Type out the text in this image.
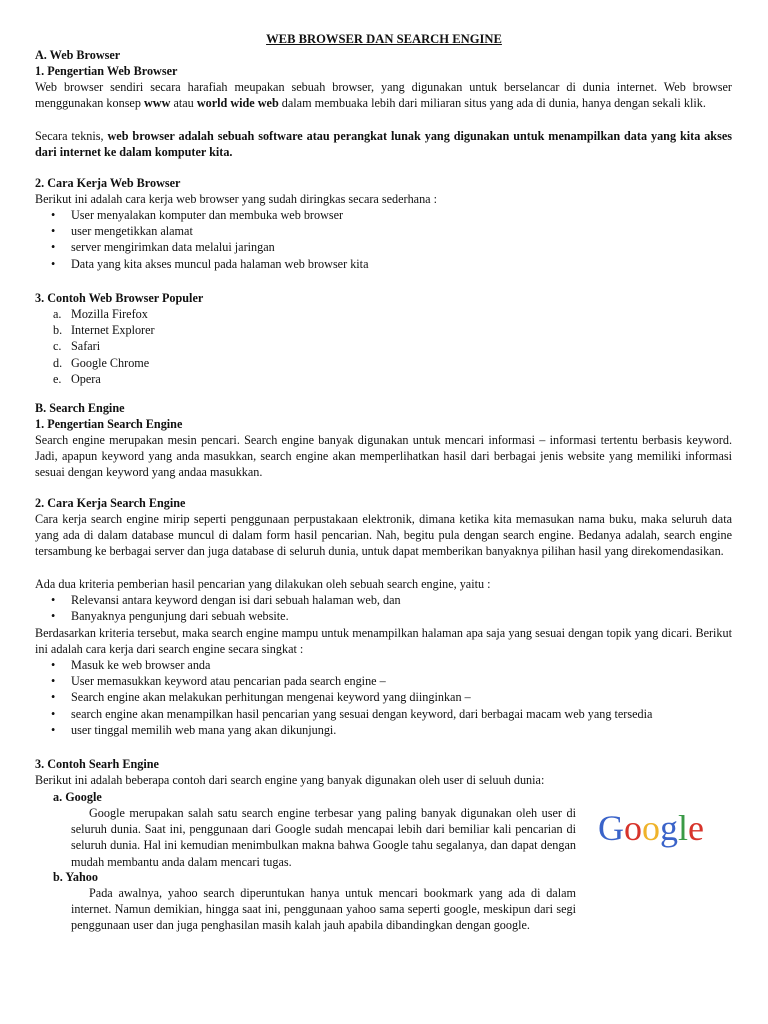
WEB BROWSER DAN SEARCH ENGINE
A. Web Browser
1. Pengertian Web Browser
Web browser sendiri secara harafiah meupakan sebuah browser, yang digunakan untuk berselancar di dunia internet. Web browser menggunakan konsep www atau world wide web dalam membuaka lebih dari miliaran situs yang ada di dunia, hanya dengan sekali klik.
Secara teknis, web browser adalah sebuah software atau perangkat lunak yang digunakan untuk menampilkan data yang kita akses dari internet ke dalam komputer kita.
2. Cara Kerja Web Browser
Berikut ini adalah cara kerja web browser yang sudah diringkas secara sederhana :
• User menyalakan komputer dan membuka web browser
• user mengetikkan alamat
• server mengirimkan data melalui jaringan
• Data yang kita akses muncul pada halaman web browser kita
3. Contoh Web Browser Populer
a. Mozilla Firefox
b. Internet Explorer
c. Safari
d. Google Chrome
e. Opera
B. Search Engine
1. Pengertian Search Engine
Search engine merupakan mesin pencari. Search engine banyak digunakan untuk mencari informasi – informasi tertentu berbasis keyword. Jadi, apapun keyword yang anda masukkan, search engine akan memperlihatkan hasil dari berbagai jenis website yang memiliki informasi sesuai dengan keyword yang andaa masukkan.
2. Cara Kerja Search Engine
Cara kerja search engine mirip seperti penggunaan perpustakaan elektronik, dimana ketika kita memasukan nama buku, maka seluruh data yang ada di dalam database muncul di dalam form hasil pencarian. Nah, begitu pula dengan search engine. Bedanya adalah, search engine tersambung ke berbagai server dan juga database di seluruh dunia, untuk dapat memberikan banyaknya pilihan hasil yang direkomendasikan.
Ada dua kriteria pemberian hasil pencarian yang dilakukan oleh sebuah search engine, yaitu :
• Relevansi antara keyword dengan isi dari sebuah halaman web, dan
• Banyaknya pengunjung dari sebuah website.
Berdasarkan kriteria tersebut, maka search engine mampu untuk menampilkan halaman apa saja yang sesuai dengan topik yang dicari. Berikut ini adalah cara kerja dari search engine secara singkat :
• Masuk ke web browser anda
• User memasukkan keyword atau pencarian pada search engine –
• Search engine akan melakukan perhitungan mengenai keyword yang diinginkan –
• search engine akan menampilkan hasil pencarian yang sesuai dengan keyword, dari berbagai macam web yang tersedia
• user tinggal memilih web mana yang akan dikunjungi.
3. Contoh Searh Engine
Berikut ini adalah beberapa contoh dari search engine yang banyak digunakan oleh user di seluuh dunia:
a. Google
Google merupakan salah satu search engine terbesar yang paling banyak digunakan oleh user di seluruh dunia. Saat ini, penggunaan dari Google sudah mencapai lebih dari bemiliar kali pencarian di seluruh dunia. Hal ini kemudian menimbulkan makna bahwa Google tahu segalanya, dan dapat dengan mudah membantu anda dalam mencari tugas.
Google
b. Yahoo
Pada awalnya, yahoo search diperuntukan hanya untuk mencari bookmark yang ada di dalam internet. Namun demikian, hingga saat ini, penggunaan yahoo sama seperti google, meskipun dari segi penggunaan user dan juga penghasilan masih kalah jauh apabila dibandingkan dengan google.
